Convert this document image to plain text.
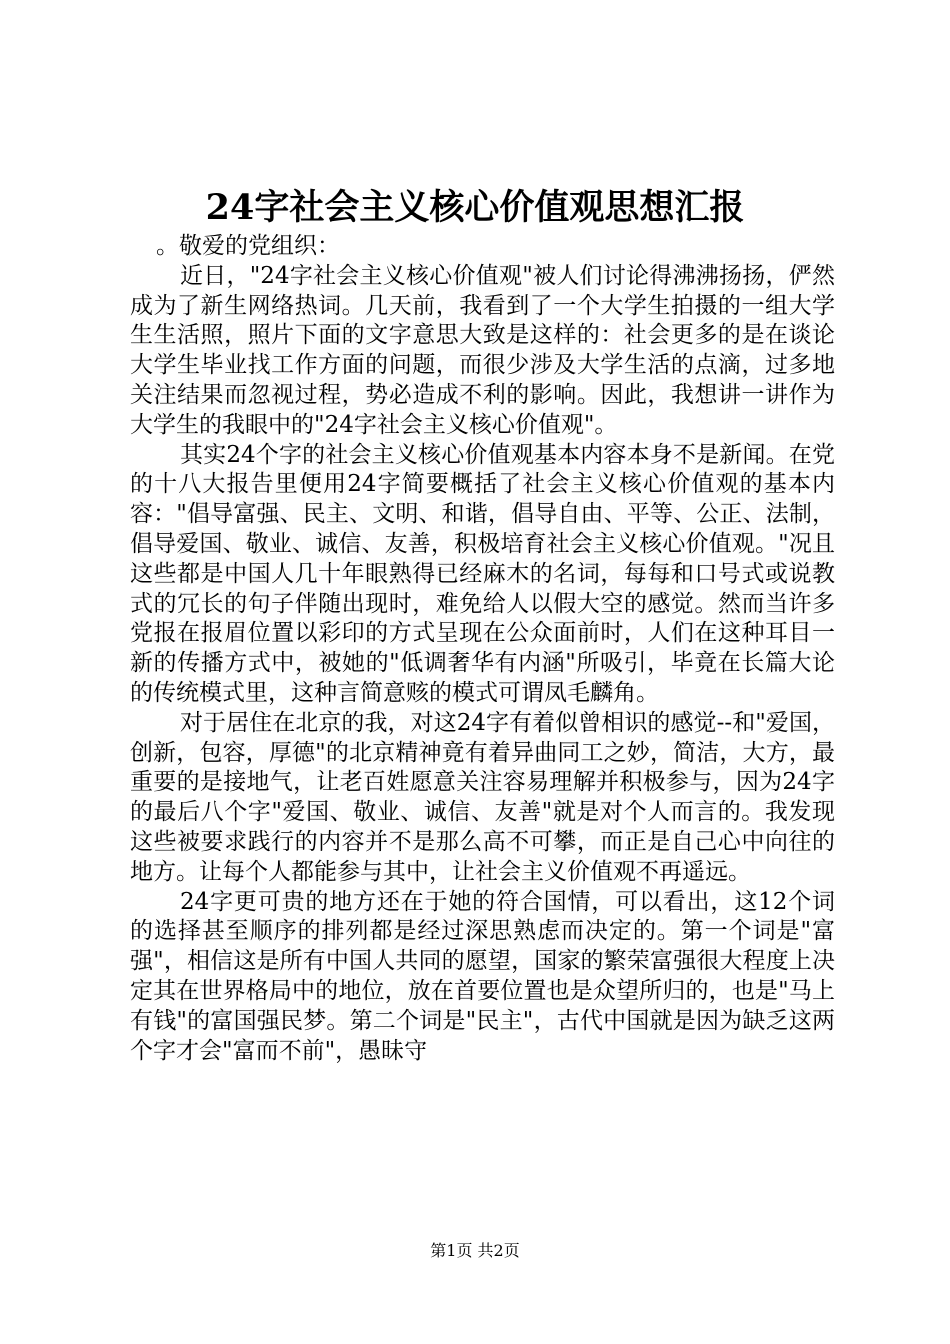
24字社会主义核心价值观思想汇报

。敬爱的党组织：

近日，"24字社会主义核心价值观"被人们讨论得沸沸扬扬，俨然成为了新生网络热词。几天前，我看到了一个大学生拍摄的一组大学生生活照，照片下面的文字意思大致是这样的：社会更多的是在谈论大学生毕业找工作方面的问题，而很少涉及大学生活的点滴，过多地关注结果而忽视过程，势必造成不利的影响。因此，我想讲一讲作为大学生的我眼中的"24字社会主义核心价值观"。

其实24个字的社会主义核心价值观基本内容本身不是新闻。在党的十八大报告里便用24字简要概括了社会主义核心价值观的基本内容："倡导富强、民主、文明、和谐，倡导自由、平等、公正、法制，倡导爱国、敬业、诚信、友善，积极培育社会主义核心价值观。"况且这些都是中国人几十年眼熟得已经麻木的名词，每每和口号式或说教式的冗长的句子伴随出现时，难免给人以假大空的感觉。然而当许多党报在报眉位置以彩印的方式呈现在公众面前时，人们在这种耳目一新的传播方式中，被她的"低调奢华有内涵"所吸引，毕竟在长篇大论的传统模式里，这种言简意赅的模式可谓凤毛麟角。

对于居住在北京的我，对这24字有着似曾相识的感觉--和"爱国，创新，包容，厚德"的北京精神竟有着异曲同工之妙，简洁，大方，最重要的是接地气，让老百姓愿意关注容易理解并积极参与，因为24字的最后八个字"爱国、敬业、诚信、友善"就是对个人而言的。我发现这些被要求践行的内容并不是那么高不可攀，而正是自己心中向往的地方。让每个人都能参与其中，让社会主义价值观不再遥远。

24字更可贵的地方还在于她的符合国情，可以看出，这12个词的选择甚至顺序的排列都是经过深思熟虑而决定的。第一个词是"富强"，相信这是所有中国人共同的愿望，国家的繁荣富强很大程度上决定其在世界格局中的地位，放在首要位置也是众望所归的，也是"马上有钱"的富国强民梦。第二个词是"民主"，古代中国就是因为缺乏这两个字才会"富而不前"，愚昧守

第1页 共2页
